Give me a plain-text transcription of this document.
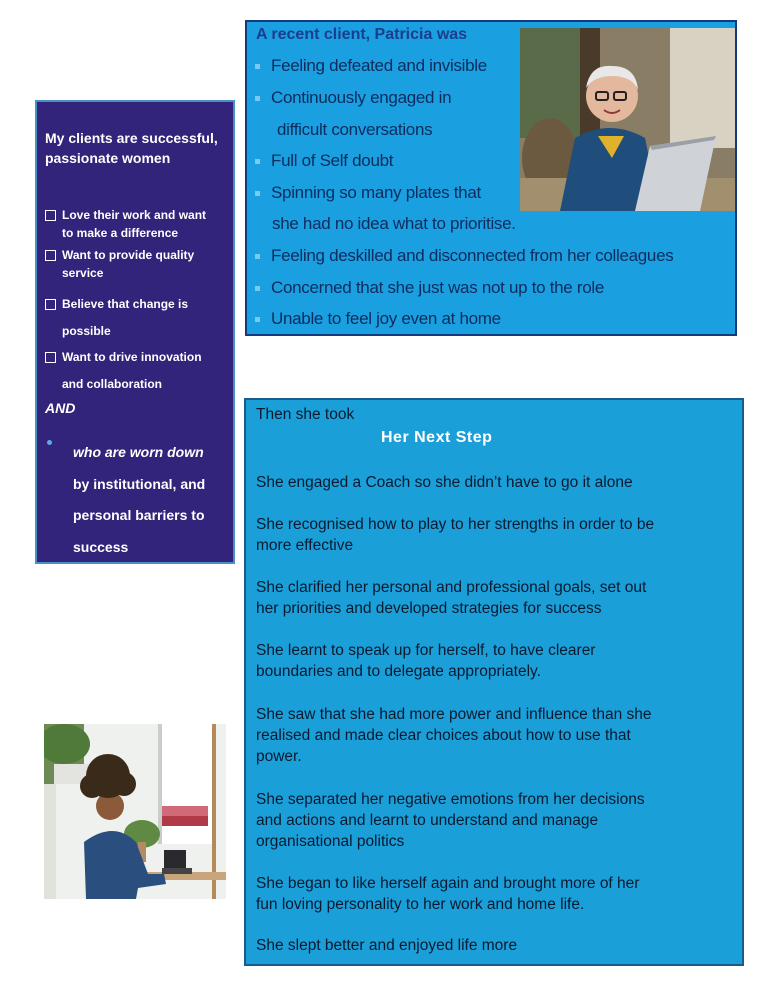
My clients are successful, passionate women
Love their work and want
to make a difference
Want to provide quality
service
Believe that change is
possible
Want to drive innovation
and collaboration
AND
who are worn down
by institutional, and
personal barriers to
success
A recent client, Patricia was
Feeling defeated and invisible
Continuously engaged in
difficult conversations
Full of Self doubt
Spinning so many plates that
she had no idea what to prioritise.
Feeling deskilled and disconnected from her colleagues
Concerned that she just was not up to the role
Unable to feel joy even at home
Then she took
Her Next Step
She engaged a Coach so she didn’t have to go it alone
She recognised how to play to her strengths in order to be
more effective
She clarified her personal and professional goals, set out
her priorities and developed strategies for success
She learnt to speak up for herself, to have clearer
boundaries and to delegate appropriately.
She saw that she had more power and influence than she
realised and made clear choices about how to use that
power.
She separated her negative emotions from her decisions
and actions and learnt to understand and manage
organisational politics
She began to like herself again and brought more of her
fun loving personality to her work and home life.
She slept better and enjoyed life more
